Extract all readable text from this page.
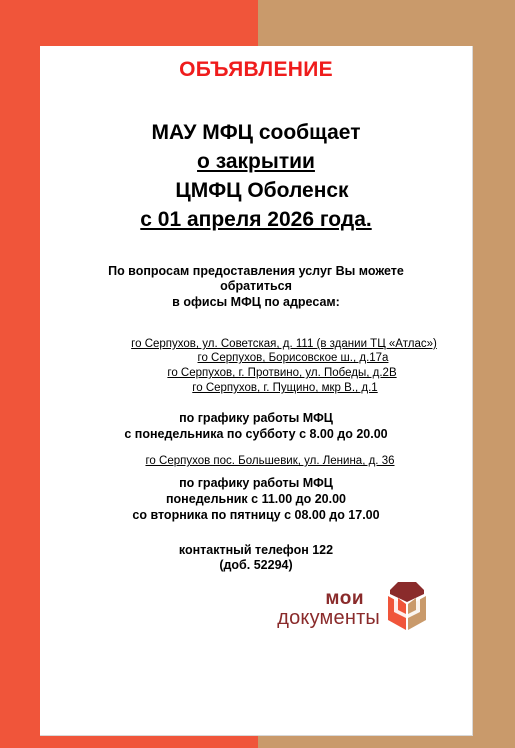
ОБЪЯВЛЕНИЕ

МАУ МФЦ сообщает

о закрытии

ЦМФЦ Оболенск

с 01 апреля 2026 года.

По вопросам предоставления услуг Вы можете

обратиться

в офисы МФЦ по адресам:

го Серпухов, ул. Советская, д. 111 (в здании ТЦ «Атлас»)

го Серпухов, Борисовское ш., д.17а

го Серпухов, г. Протвино, ул. Победы, д.2В

го Серпухов, г. Пущино, мкр В., д.1

по графику работы МФЦ

с понедельника по субботу с 8.00 до 20.00

го Серпухов пос. Большевик, ул. Ленина, д. 36

по графику работы МФЦ

понедельник с 11.00 до 20.00

со вторника по пятницу с 08.00 до 17.00

контактный телефон 122

(доб. 52294)

мои
документы
